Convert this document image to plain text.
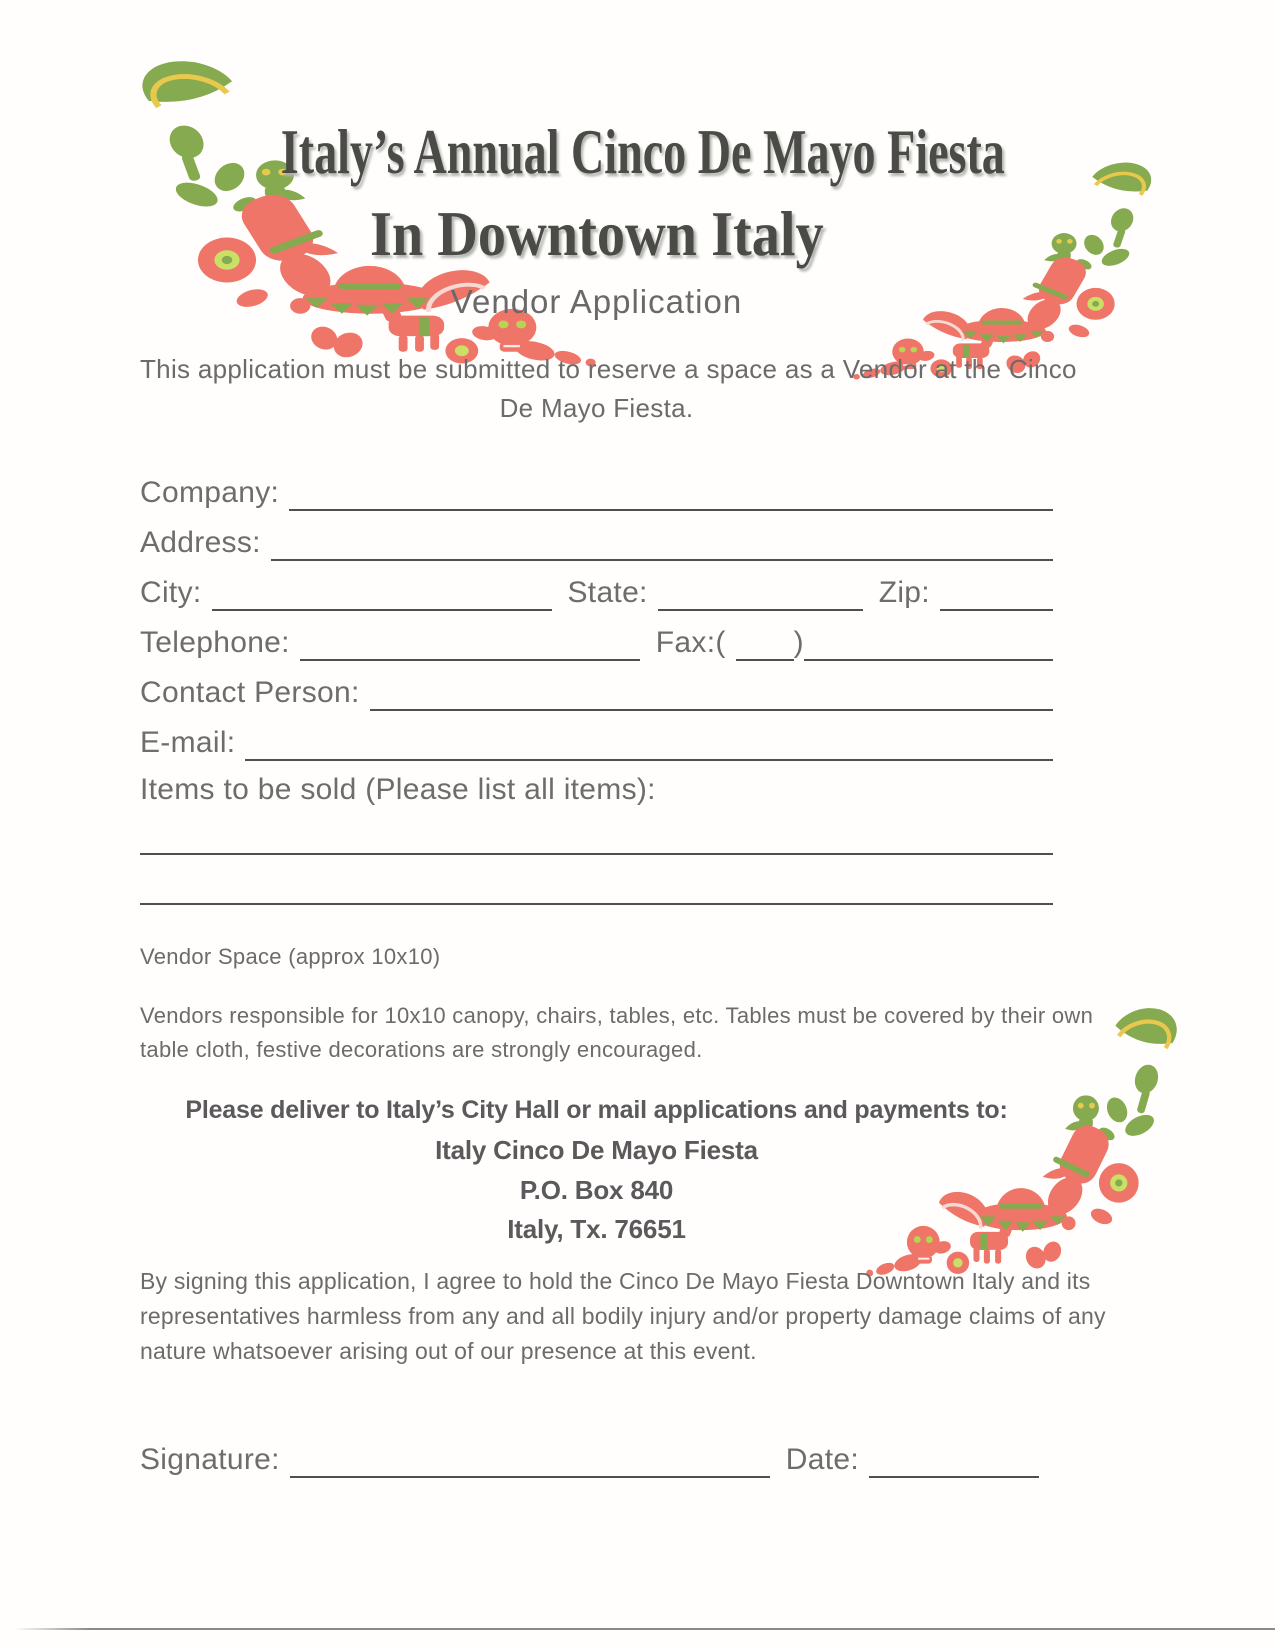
Italy’s Annual Cinco De Mayo Fiesta
In Downtown Italy
Vendor Application
This application must be submitted to reserve a space as a Vendor at the Cinco
De Mayo Fiesta.
Company:
Address:
City:	State:	Zip:
Telephone:	Fax:(	)
Contact Person:
E-mail:
Items to be sold (Please list all items):
Vendor Space (approx 10x10)
Vendors responsible for 10x10 canopy, chairs, tables, etc. Tables must be covered by their own
table cloth, festive decorations are strongly encouraged.
Please deliver to Italy’s City Hall or mail applications and payments to:
Italy Cinco De Mayo Fiesta
P.O. Box 840
Italy, Tx. 76651
By signing this application, I agree to hold the Cinco De Mayo Fiesta Downtown Italy and its
representatives harmless from any and all bodily injury and/or property damage claims of any
nature whatsoever arising out of our presence at this event.
Signature:	Date:
